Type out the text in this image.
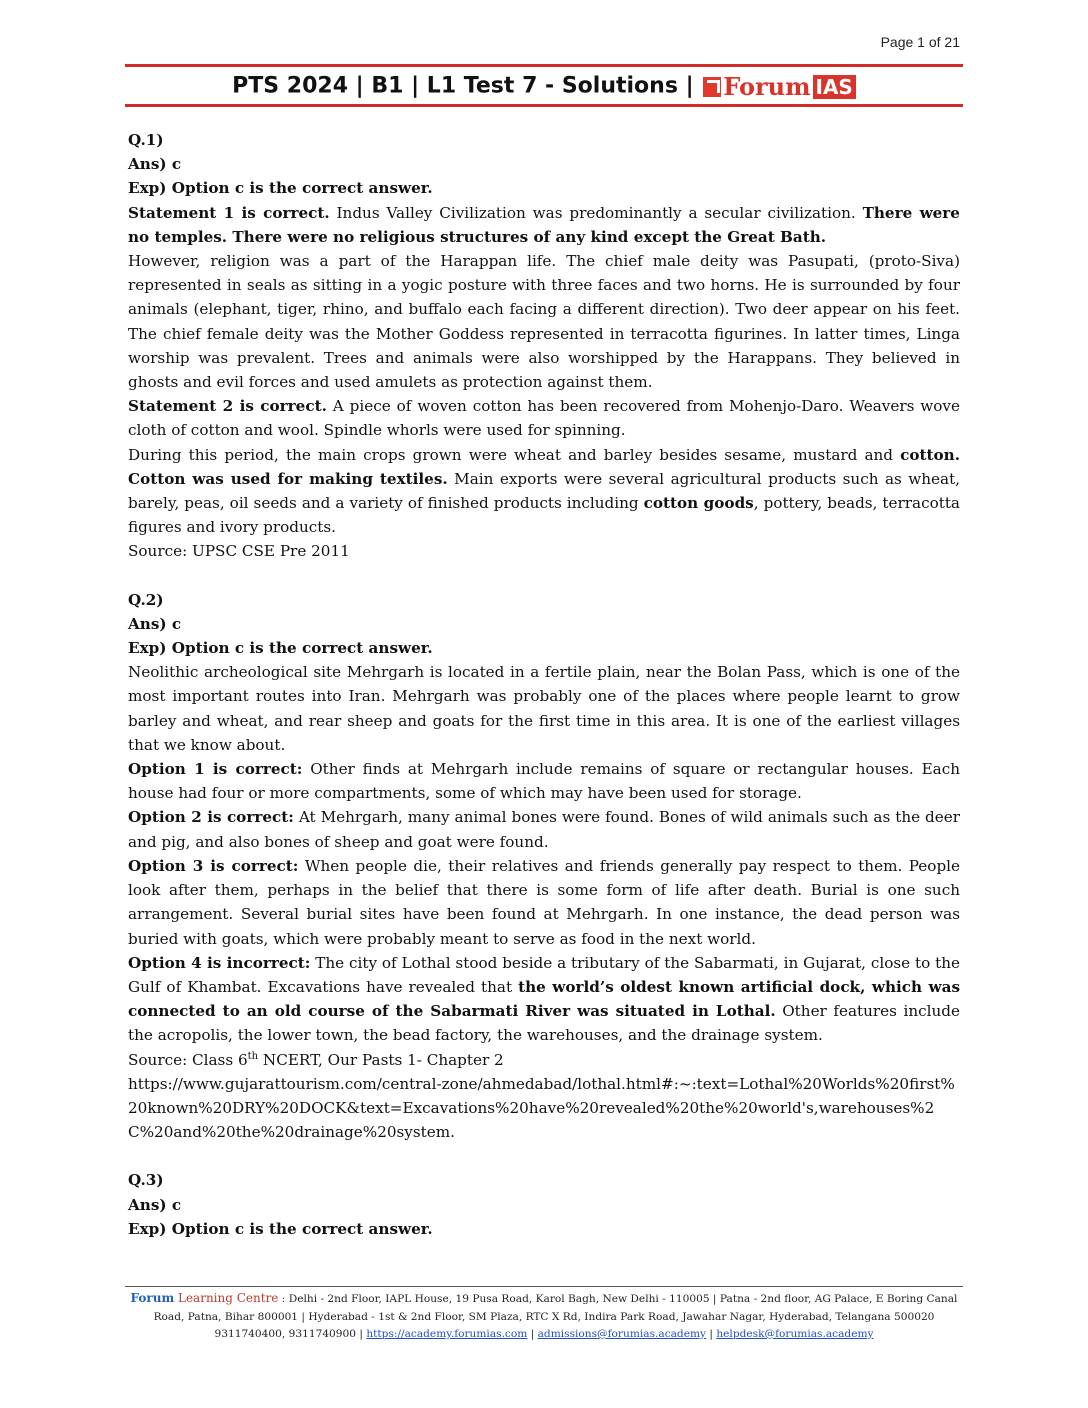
Page 1 of 21
PTS 2024 | B1 | L1 Test 7 - Solutions | Forum IAS

Q.1)

Ans) c

Exp) Option c is the correct answer.

Statement 1 is correct. Indus Valley Civilization was predominantly a secular civilization. There were no temples. There were no religious structures of any kind except the Great Bath.

However, religion was a part of the Harappan life. The chief male deity was Pasupati, (proto-Siva) represented in seals as sitting in a yogic posture with three faces and two horns. He is surrounded by four animals (elephant, tiger, rhino, and buffalo each facing a different direction). Two deer appear on his feet. The chief female deity was the Mother Goddess represented in terracotta figurines. In latter times, Linga worship was prevalent. Trees and animals were also worshipped by the Harappans. They believed in ghosts and evil forces and used amulets as protection against them.

Statement 2 is correct. A piece of woven cotton has been recovered from Mohenjo-Daro. Weavers wove cloth of cotton and wool. Spindle whorls were used for spinning.

During this period, the main crops grown were wheat and barley besides sesame, mustard and cotton. Cotton was used for making textiles. Main exports were several agricultural products such as wheat, barely, peas, oil seeds and a variety of finished products including cotton goods, pottery, beads, terracotta figures and ivory products.

Source: UPSC CSE Pre 2011

Q.2)

Ans) c

Exp) Option c is the correct answer.

Neolithic archeological site Mehrgarh is located in a fertile plain, near the Bolan Pass, which is one of the most important routes into Iran. Mehrgarh was probably one of the places where people learnt to grow barley and wheat, and rear sheep and goats for the first time in this area. It is one of the earliest villages that we know about.

Option 1 is correct: Other finds at Mehrgarh include remains of square or rectangular houses. Each house had four or more compartments, some of which may have been used for storage.

Option 2 is correct: At Mehrgarh, many animal bones were found. Bones of wild animals such as the deer and pig, and also bones of sheep and goat were found.

Option 3 is correct: When people die, their relatives and friends generally pay respect to them. People look after them, perhaps in the belief that there is some form of life after death. Burial is one such arrangement. Several burial sites have been found at Mehrgarh. In one instance, the dead person was buried with goats, which were probably meant to serve as food in the next world.

Option 4 is incorrect: The city of Lothal stood beside a tributary of the Sabarmati, in Gujarat, close to the Gulf of Khambat. Excavations have revealed that the world’s oldest known artificial dock, which was connected to an old course of the Sabarmati River was situated in Lothal. Other features include the acropolis, the lower town, the bead factory, the warehouses, and the drainage system.

Source: Class 6th NCERT, Our Pasts 1- Chapter 2

https://www.gujarattourism.com/central-zone/ahmedabad/lothal.html#:~:text=Lothal%20Worlds%20first%20known%20DRY%20DOCK&text=Excavations%20have%20revealed%20the%20world's,warehouses%2C%20and%20the%20drainage%20system.

Q.3)

Ans) c

Exp) Option c is the correct answer.

Forum Learning Centre : Delhi - 2nd Floor, IAPL House, 19 Pusa Road, Karol Bagh, New Delhi - 110005 | Patna - 2nd floor, AG Palace, E Boring Canal Road, Patna, Bihar 800001 | Hyderabad - 1st & 2nd Floor, SM Plaza, RTC X Rd, Indira Park Road, Jawahar Nagar, Hyderabad, Telangana 500020
9311740400, 9311740900 | https://academy.forumias.com | admissions@forumias.academy | helpdesk@forumias.academy
